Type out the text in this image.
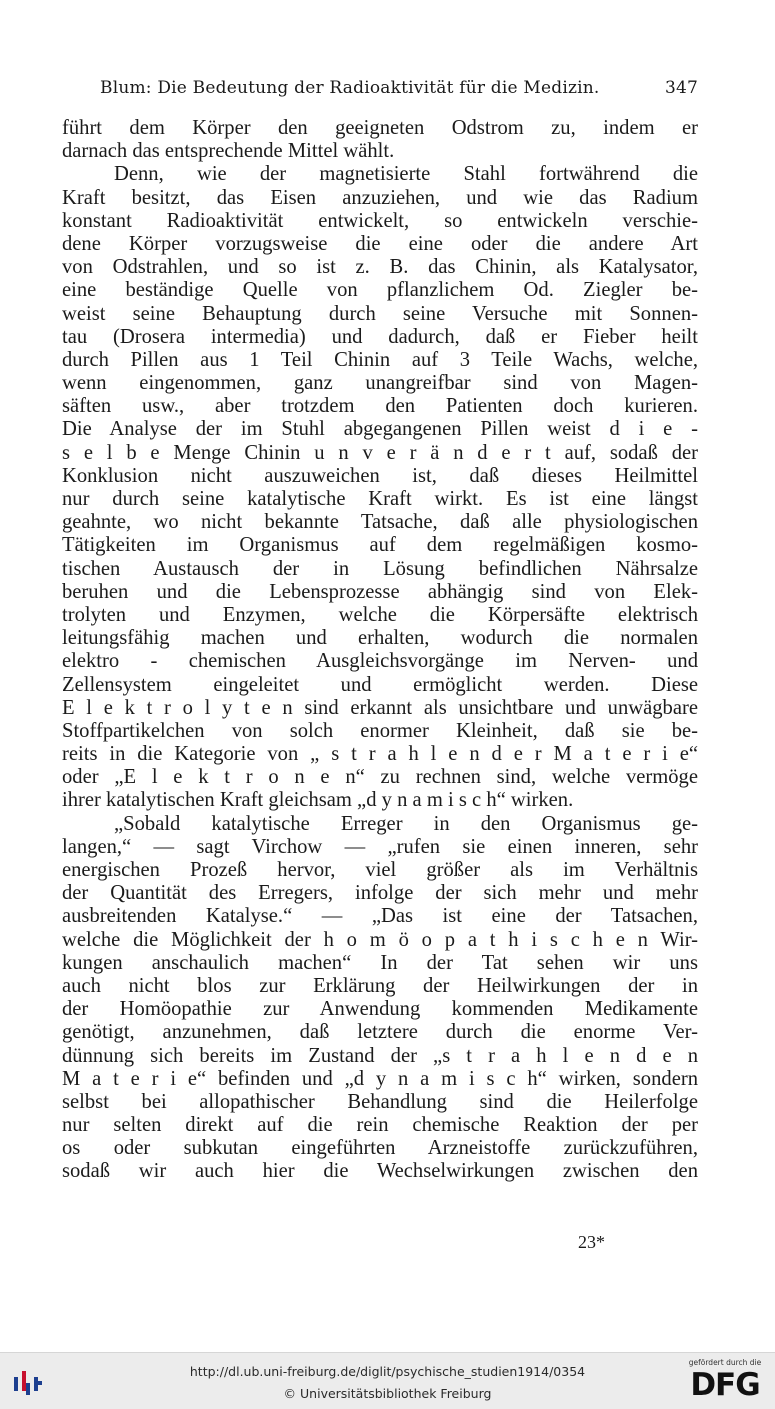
Blum: Die Bedeutung der Radioaktivität für die Medizin.	347
führt dem Körper den geeigneten Odstrom zu, indem er
darnach das entsprechende Mittel wählt.
Denn, wie der magnetisierte Stahl fortwährend die
Kraft besitzt, das Eisen anzuziehen, und wie das Radium
konstant Radioaktivität entwickelt, so entwickeln verschie-
dene Körper vorzugsweise die eine oder die andere Art
von Odstrahlen, und so ist z. B. das Chinin, als Katalysator,
eine beständige Quelle von pflanzlichem Od. Ziegler be-
weist seine Behauptung durch seine Versuche mit Sonnen-
tau (Drosera intermedia) und dadurch, daß er Fieber heilt
durch Pillen aus 1 Teil Chinin auf 3 Teile Wachs, welche,
wenn eingenommen, ganz unangreifbar sind von Magen-
säften usw., aber trotzdem den Patienten doch kurieren.
Die Analyse der im Stuhl abgegangenen Pillen weist d i e -
s e l b e Menge Chinin u n v e r ä n d e r t auf, sodaß der
Konklusion nicht auszuweichen ist, daß dieses Heilmittel
nur durch seine katalytische Kraft wirkt. Es ist eine längst
geahnte, wo nicht bekannte Tatsache, daß alle physiologischen
Tätigkeiten im Organismus auf dem regelmäßigen kosmo-
tischen Austausch der in Lösung befindlichen Nährsalze
beruhen und die Lebensprozesse abhängig sind von Elek-
trolyten und Enzymen, welche die Körpersäfte elektrisch
leitungsfähig machen und erhalten, wodurch die normalen
elektro - chemischen Ausgleichsvorgänge im Nerven- und
Zellensystem eingeleitet und ermöglicht werden. Diese
E l e k t r o l y t e n sind erkannt als unsichtbare und unwägbare
Stoffpartikelchen von solch enormer Kleinheit, daß sie be-
reits in die Kategorie von „ s t r a h l e n d e r M a t e r i e“
oder „E l e k t r o n e n“ zu rechnen sind, welche vermöge
ihrer katalytischen Kraft gleichsam „d y n a m i s c h“ wirken.
„Sobald katalytische Erreger in den Organismus ge-
langen,“ — sagt Virchow — „rufen sie einen inneren, sehr
energischen Prozeß hervor, viel größer als im Verhältnis
der Quantität des Erregers, infolge der sich mehr und mehr
ausbreitenden Katalyse.“ — „Das ist eine der Tatsachen,
welche die Möglichkeit der h o m ö o p a t h i s c h e n Wir-
kungen anschaulich machen“ In der Tat sehen wir uns
auch nicht blos zur Erklärung der Heilwirkungen der in
der Homöopathie zur Anwendung kommenden Medikamente
genötigt, anzunehmen, daß letztere durch die enorme Ver-
dünnung sich bereits im Zustand der „s t r a h l e n d e n
M a t e r i e“ befinden und „d y n a m i s c h“ wirken, sondern
selbst bei allopathischer Behandlung sind die Heilerfolge
nur selten direkt auf die rein chemische Reaktion der per
os oder subkutan eingeführten Arzneistoffe zurückzuführen,
sodaß wir auch hier die Wechselwirkungen zwischen den
23*
http://dl.ub.uni-freiburg.de/diglit/psychische_studien1914/0354
© Universitätsbibliothek Freiburg
gefördert durch die
DFG
